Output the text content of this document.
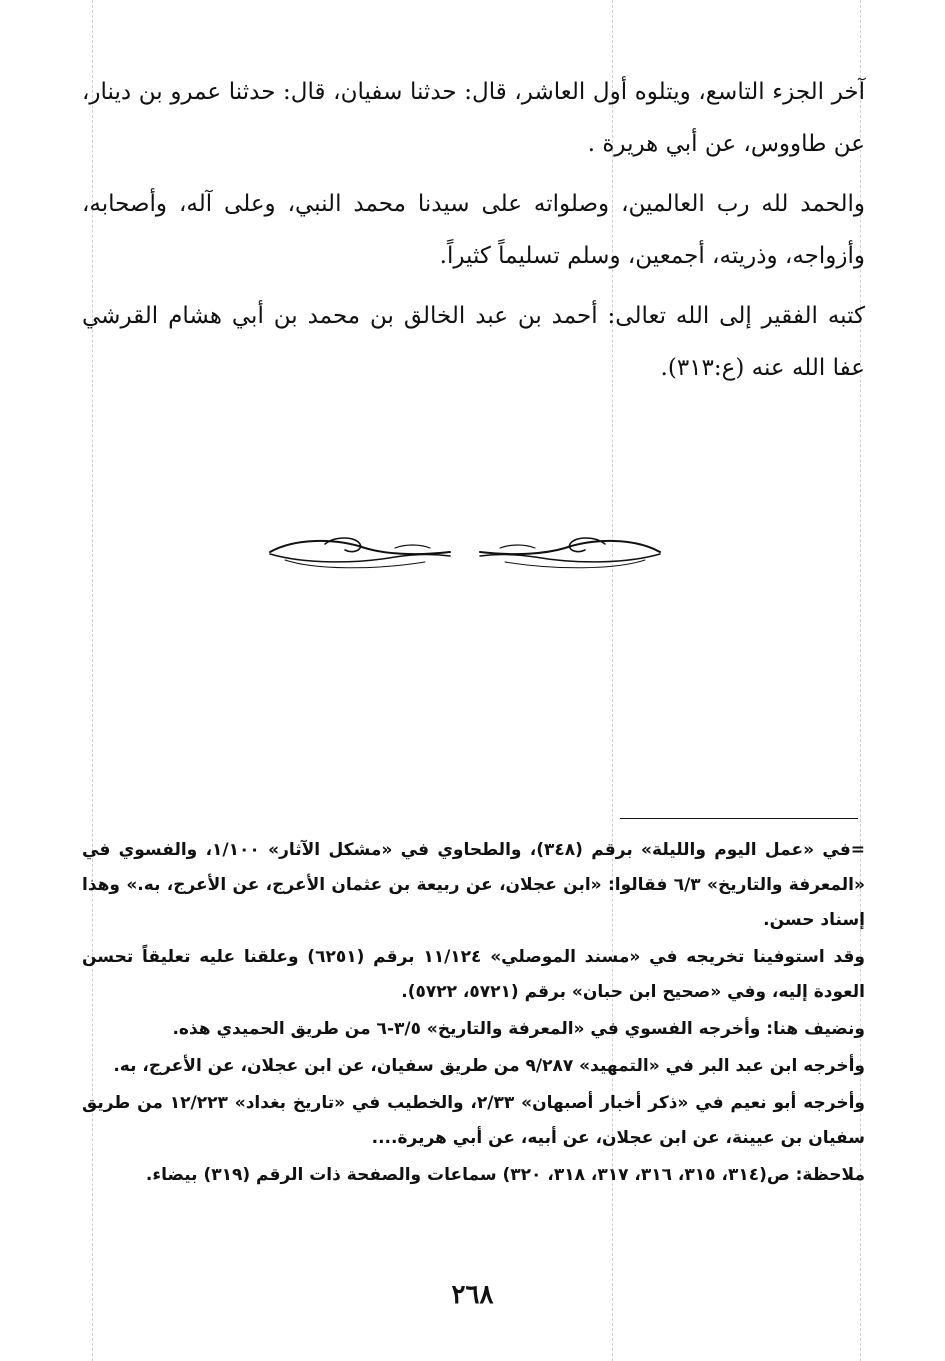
آخر الجزء التاسع، ويتلوه أول العاشر، قال: حدثنا سفيان، قال: حدثنا عمرو بن دينار، عن طاووس، عن أبي هريرة .

والحمد لله رب العالمين، وصلواته على سيدنا محمد النبي، وعلى آله، وأصحابه، وأزواجه، وذريته، أجمعين، وسلم تسليماً كثيراً.

كتبه الفقير إلى الله تعالى: أحمد بن عبد الخالق بن محمد بن أبي هشام القرشي عفا الله عنه (ع:٣١٣).

=في «عمل اليوم والليلة» برقم (٣٤٨)، والطحاوي في «مشكل الآثار» ١/١٠٠، والفسوي في «المعرفة والتاريخ» ٦/٣ فقالوا: «ابن عجلان، عن ربيعة بن عثمان الأعرج، عن الأعرج، به.» وهذا إسناد حسن.

وقد استوفينا تخريجه في «مسند الموصلي» ١١/١٢٤ برقم (٦٢٥١) وعلقنا عليه تعليقاً تحسن العودة إليه، وفي «صحيح ابن حبان» برقم (٥٧٢١، ٥٧٢٢).

ونضيف هنا: وأخرجه الفسوي في «المعرفة والتاريخ» ٣/٥-٦ من طريق الحميدي هذه.

وأخرجه ابن عبد البر في «التمهيد» ٩/٢٨٧ من طريق سفيان، عن ابن عجلان، عن الأعرج، به.

وأخرجه أبو نعيم في «ذكر أخبار أصبهان» ٢/٣٣، والخطيب في «تاريخ بغداد» ١٢/٢٢٣ من طريق سفيان بن عيينة، عن ابن عجلان، عن أبيه، عن أبي هريرة....

ملاحظة: ص(٣١٤، ٣١٥، ٣١٦، ٣١٧، ٣١٨، ٣٢٠) سماعات والصفحة ذات الرقم (٣١٩) بيضاء.

٢٦٨
